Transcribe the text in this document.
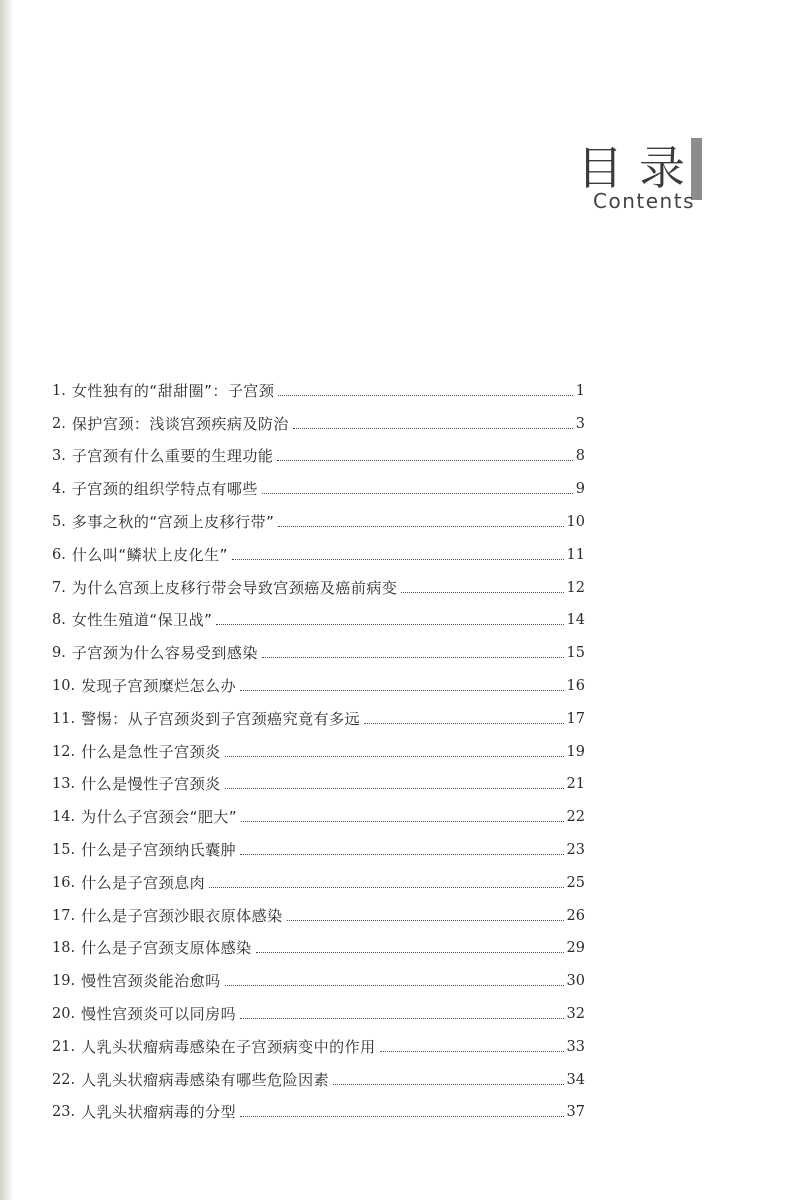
目录
Contents
1. 女性独有的“甜甜圈”：子宫颈	1
2. 保护宫颈：浅谈宫颈疾病及防治	3
3. 子宫颈有什么重要的生理功能	8
4. 子宫颈的组织学特点有哪些	9
5. 多事之秋的“宫颈上皮移行带”	10
6. 什么叫“鳞状上皮化生”	11
7. 为什么宫颈上皮移行带会导致宫颈癌及癌前病变	12
8. 女性生殖道“保卫战”	14
9. 子宫颈为什么容易受到感染	15
10. 发现子宫颈糜烂怎么办	16
11. 警惕：从子宫颈炎到子宫颈癌究竟有多远	17
12. 什么是急性子宫颈炎	19
13. 什么是慢性子宫颈炎	21
14. 为什么子宫颈会“肥大”	22
15. 什么是子宫颈纳氏囊肿	23
16. 什么是子宫颈息肉	25
17. 什么是子宫颈沙眼衣原体感染	26
18. 什么是子宫颈支原体感染	29
19. 慢性宫颈炎能治愈吗	30
20. 慢性宫颈炎可以同房吗	32
21. 人乳头状瘤病毒感染在子宫颈病变中的作用	33
22. 人乳头状瘤病毒感染有哪些危险因素	34
23. 人乳头状瘤病毒的分型	37
